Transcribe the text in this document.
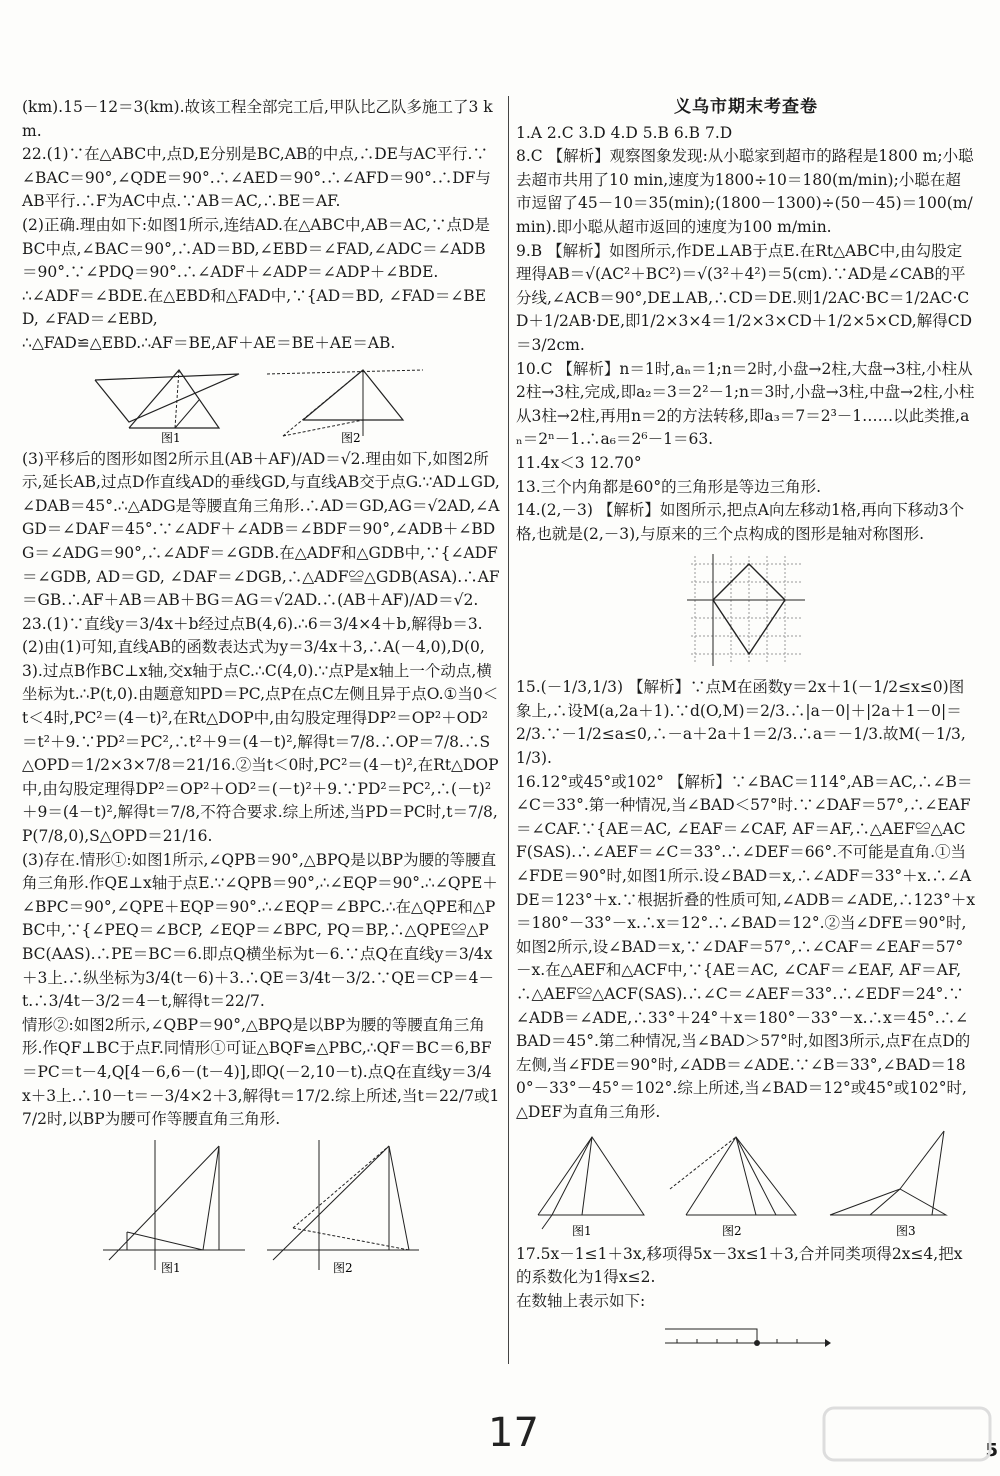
(km).15－12＝3(km).故该工程全部完工后,甲队比乙队多施工了3 km.

22.(1)∵在△ABC中,点D,E分别是BC,AB的中点,∴DE与AC平行.∵∠BAC＝90°,∠QDE＝90°.∴∠AED＝90°.∴∠AFD＝90°.∴DF与AB平行.∴F为AC中点.∵AB＝AC,∴BE＝AF.

(2)正确.理由如下:如图1所示,连结AD.在△ABC中,AB＝AC,∵点D是BC中点,∠BAC＝90°,∴AD＝BD,∠EBD＝∠FAD,∠ADC＝∠ADB＝90°.∵∠PDQ＝90°.∴∠ADF＋∠ADP＝∠ADP＋∠BDE.

∴∠ADF＝∠BDE.在△EBD和△FAD中,∵{AD＝BD, ∠FAD＝∠BED, ∠FAD＝∠EBD,

∴△FAD≌△EBD.∴AF＝BE,AF＋AE＝BE＋AE＝AB.

图1	图2

(3)平移后的图形如图2所示且(AB＋AF)/AD＝√2.理由如下,如图2所示,延长AB,过点D作直线AD的垂线GD,与直线AB交于点G.∵AD⊥GD,∠DAB＝45°.∴△ADG是等腰直角三角形.∴AD＝GD,AG＝√2AD,∠AGD＝∠DAF＝45°.∵∠ADF＋∠ADB＝∠BDF＝90°,∠ADB＋∠BDG＝∠ADG＝90°,∴∠ADF＝∠GDB.在△ADF和△GDB中,∵{∠ADF＝∠GDB, AD＝GD, ∠DAF＝∠DGB,∴△ADF≌△GDB(ASA).∴AF＝GB.∴AF＋AB＝AB＋BG＝AG＝√2AD.∴(AB＋AF)/AD＝√2.

23.(1)∵直线y＝3/4x＋b经过点B(4,6).∴6＝3/4×4＋b,解得b＝3.

(2)由(1)可知,直线AB的函数表达式为y＝3/4x＋3,∴A(－4,0),D(0,3).过点B作BC⊥x轴,交x轴于点C.∴C(4,0).∵点P是x轴上一个动点,横坐标为t.∴P(t,0).由题意知PD＝PC,点P在点C左侧且异于点O.①当0＜t＜4时,PC²＝(4－t)²,在Rt△DOP中,由勾股定理得DP²＝OP²＋OD²＝t²＋9.∵PD²＝PC²,∴t²＋9＝(4－t)²,解得t＝7/8.∴OP＝7/8.∴S△OPD＝1/2×3×7/8＝21/16.②当t＜0时,PC²＝(4－t)²,在Rt△DOP中,由勾股定理得DP²＝OP²＋OD²＝(－t)²＋9.∵PD²＝PC²,∴(－t)²＋9＝(4－t)²,解得t＝7/8,不符合要求.综上所述,当PD＝PC时,t＝7/8,P(7/8,0),S△OPD＝21/16.

(3)存在.情形①:如图1所示,∠QPB＝90°,△BPQ是以BP为腰的等腰直角三角形.作QE⊥x轴于点E.∵∠QPB＝90°,∴∠EQP＝90°.∴∠QPE＋∠BPC＝90°,∠QPE＋EQP＝90°.∴∠EQP＝∠BPC.∴在△QPE和△PBC中,∵{∠PEQ＝∠BCP, ∠EQP＝∠BPC, PQ＝BP,∴△QPE≌△PBC(AAS).∴PE＝BC＝6.即点Q横坐标为t－6.∵点Q在直线y＝3/4x＋3上.∴纵坐标为3/4(t－6)＋3.∴QE＝3/4t－3/2.∵QE＝CP＝4－t.∴3/4t－3/2＝4－t,解得t＝22/7.

情形②:如图2所示,∠QBP＝90°,△BPQ是以BP为腰的等腰直角三角形.作QF⊥BC于点F.同情形①可证△BQF≌△PBC,∴QF＝BC＝6,BF＝PC＝t－4,Q[4－6,6－(t－4)],即Q(－2,10－t).点Q在直线y＝3/4x＋3上.∴10－t＝－3/4×2＋3,解得t＝17/2.综上所述,当t＝22/7或17/2时,以BP为腰可作等腰直角三角形.

图1	图2

义乌市期末考查卷

1.A 2.C 3.D 4.D 5.B 6.B 7.D

8.C 【解析】观察图象发现:从小聪家到超市的路程是1800 m;小聪去超市共用了10 min,速度为1800÷10＝180(m/min);小聪在超市逗留了45－10＝35(min);(1800－1300)÷(50－45)＝100(m/min).即小聪从超市返回的速度为100 m/min.

9.B 【解析】如图所示,作DE⊥AB于点E.在Rt△ABC中,由勾股定理得AB＝√(AC²＋BC²)＝√(3²＋4²)＝5(cm).∵AD是∠CAB的平分线,∠ACB＝90°,DE⊥AB,∴CD＝DE.则1/2AC·BC＝1/2AC·CD＋1/2AB·DE,即1/2×3×4＝1/2×3×CD＋1/2×5×CD,解得CD＝3/2cm.

10.C 【解析】n＝1时,aₙ＝1;n＝2时,小盘→2柱,大盘→3柱,小柱从2柱→3柱,完成,即a₂＝3＝2²－1;n＝3时,小盘→3柱,中盘→2柱,小柱从3柱→2柱,再用n＝2的方法转移,即a₃＝7＝2³－1……以此类推,aₙ＝2ⁿ－1.∴a₆＝2⁶－1＝63.

11.4x＜3 12.70°

13.三个内角都是60°的三角形是等边三角形.

14.(2,－3) 【解析】如图所示,把点A向左移动1格,再向下移动3个格,也就是(2,－3),与原来的三个点构成的图形是轴对称图形.

15.(－1/3,1/3) 【解析】∵点M在函数y＝2x＋1(－1/2≤x≤0)图象上,∴设M(a,2a＋1).∵d(O,M)＝2/3.∴|a－0|＋|2a＋1－0|＝2/3.∵－1/2≤a≤0,∴－a＋2a＋1＝2/3.∴a＝－1/3.故M(－1/3,1/3).

16.12°或45°或102° 【解析】∵∠BAC＝114°,AB＝AC,∴∠B＝∠C＝33°.第一种情况,当∠BAD＜57°时.∵∠DAF＝57°,∴∠EAF＝∠CAF.∵{AE＝AC, ∠EAF＝∠CAF, AF＝AF,∴△AEF≌△ACF(SAS).∴∠AEF＝∠C＝33°.∴∠DEF＝66°.不可能是直角.①当∠FDE＝90°时,如图1所示.设∠BAD＝x,∴∠ADF＝33°＋x.∴∠ADE＝123°＋x.∵根据折叠的性质可知,∠ADB＝∠ADE,∴123°＋x＝180°－33°－x.∴x＝12°.∴∠BAD＝12°.②当∠DFE＝90°时,如图2所示,设∠BAD＝x,∵∠DAF＝57°,∴∠CAF＝∠EAF＝57°－x.在△AEF和△ACF中,∵{AE＝AC, ∠CAF＝∠EAF, AF＝AF,∴△AEF≌△ACF(SAS).∴∠C＝∠AEF＝33°.∴∠EDF＝24°.∵∠ADB＝∠ADE,∴33°＋24°＋x＝180°－33°－x.∴x＝45°.∴∠BAD＝45°.第二种情况,当∠BAD＞57°时,如图3所示,点F在点D的左侧,当∠FDE＝90°时,∠ADB＝∠ADE.∵∠B＝33°,∠BAD＝180°－33°－45°＝102°.综上所述,当∠BAD＝12°或45°或102°时,△DEF为直角三角形.

图1	图2	图3

17.5x－1≤1＋3x,移项得5x－3x≤1＋3,合并同类项得2x≤4,把x的系数化为1得x≤2.

在数轴上表示如下:

17	5
